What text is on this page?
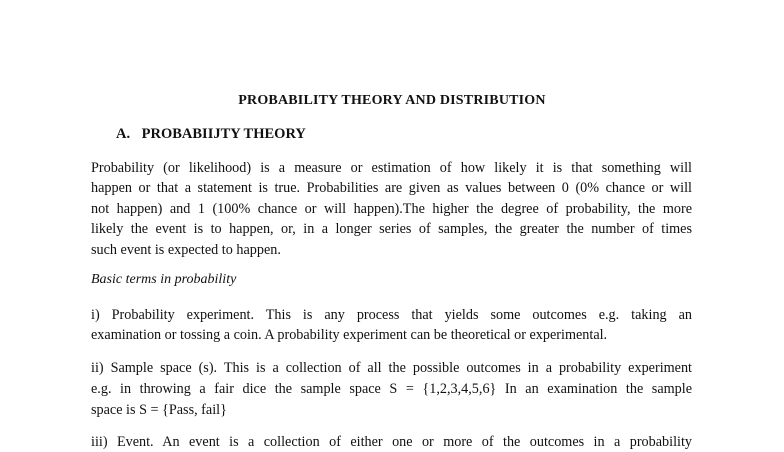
PROBABILITY THEORY AND DISTRIBUTION
A. PROBABIIJTY THEORY
Probability (or likelihood) is a measure or estimation of how likely it is that something will
happen or that a statement is true. Probabilities are given as values between 0 (0% chance or will
not happen) and 1 (100% chance or will happen).The higher the degree of probability, the more
likely the event is to happen, or, in a longer series of samples, the greater the number of times
such event is expected to happen.
Basic terms in probability
i) Probability experiment. This is any process that yields some outcomes e.g. taking an
examination or tossing a coin. A probability experiment can be theoretical or experimental.
ii) Sample space (s). This is a collection of all the possible outcomes in a probability experiment
e.g. in throwing a fair dice the sample space S = {1,2,3,4,5,6} In an examination the sample
space is S = {Pass, fail}
iii) Event. An event is a collection of either one or more of the outcomes in a probability
